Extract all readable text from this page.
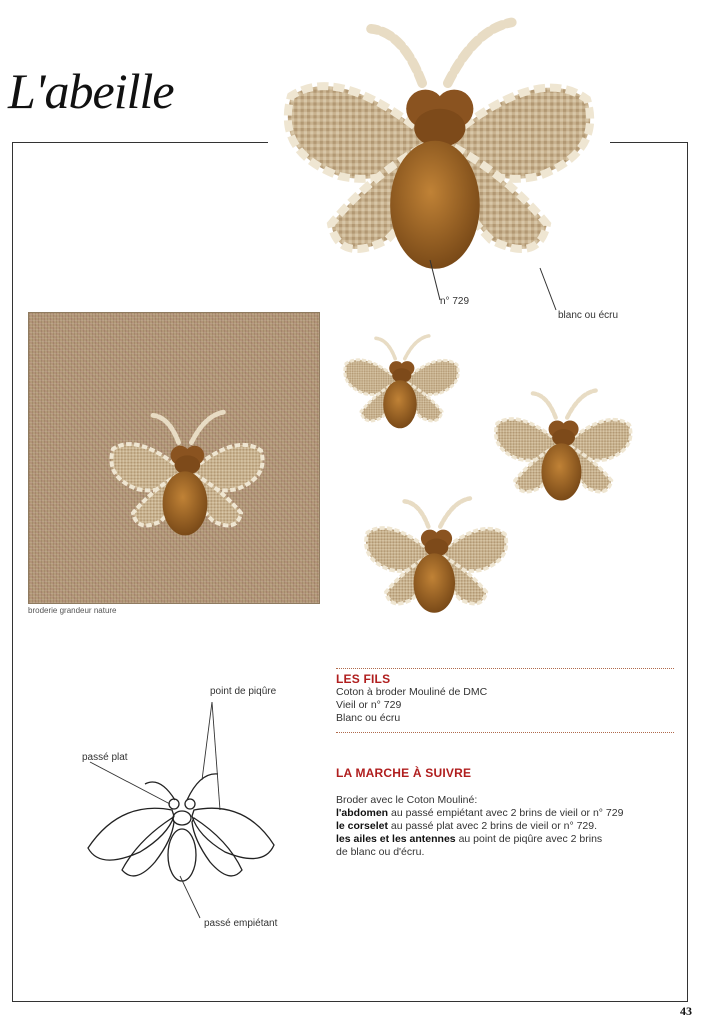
L'abeille
n° 729
blanc ou écru
broderie grandeur nature
point de piqûre
passé plat
passé empiétant
LES FILS
Coton à broder Mouliné de DMC
Vieil or n° 729
Blanc ou écru
LA MARCHE À SUIVRE
Broder avec le Coton Mouliné:
l'abdomen au passé empiétant avec 2 brins de vieil or n° 729
le corselet au passé plat avec 2 brins de vieil or n° 729.
les ailes et les antennes au point de piqûre avec 2 brins
de blanc ou d'écru.
43
